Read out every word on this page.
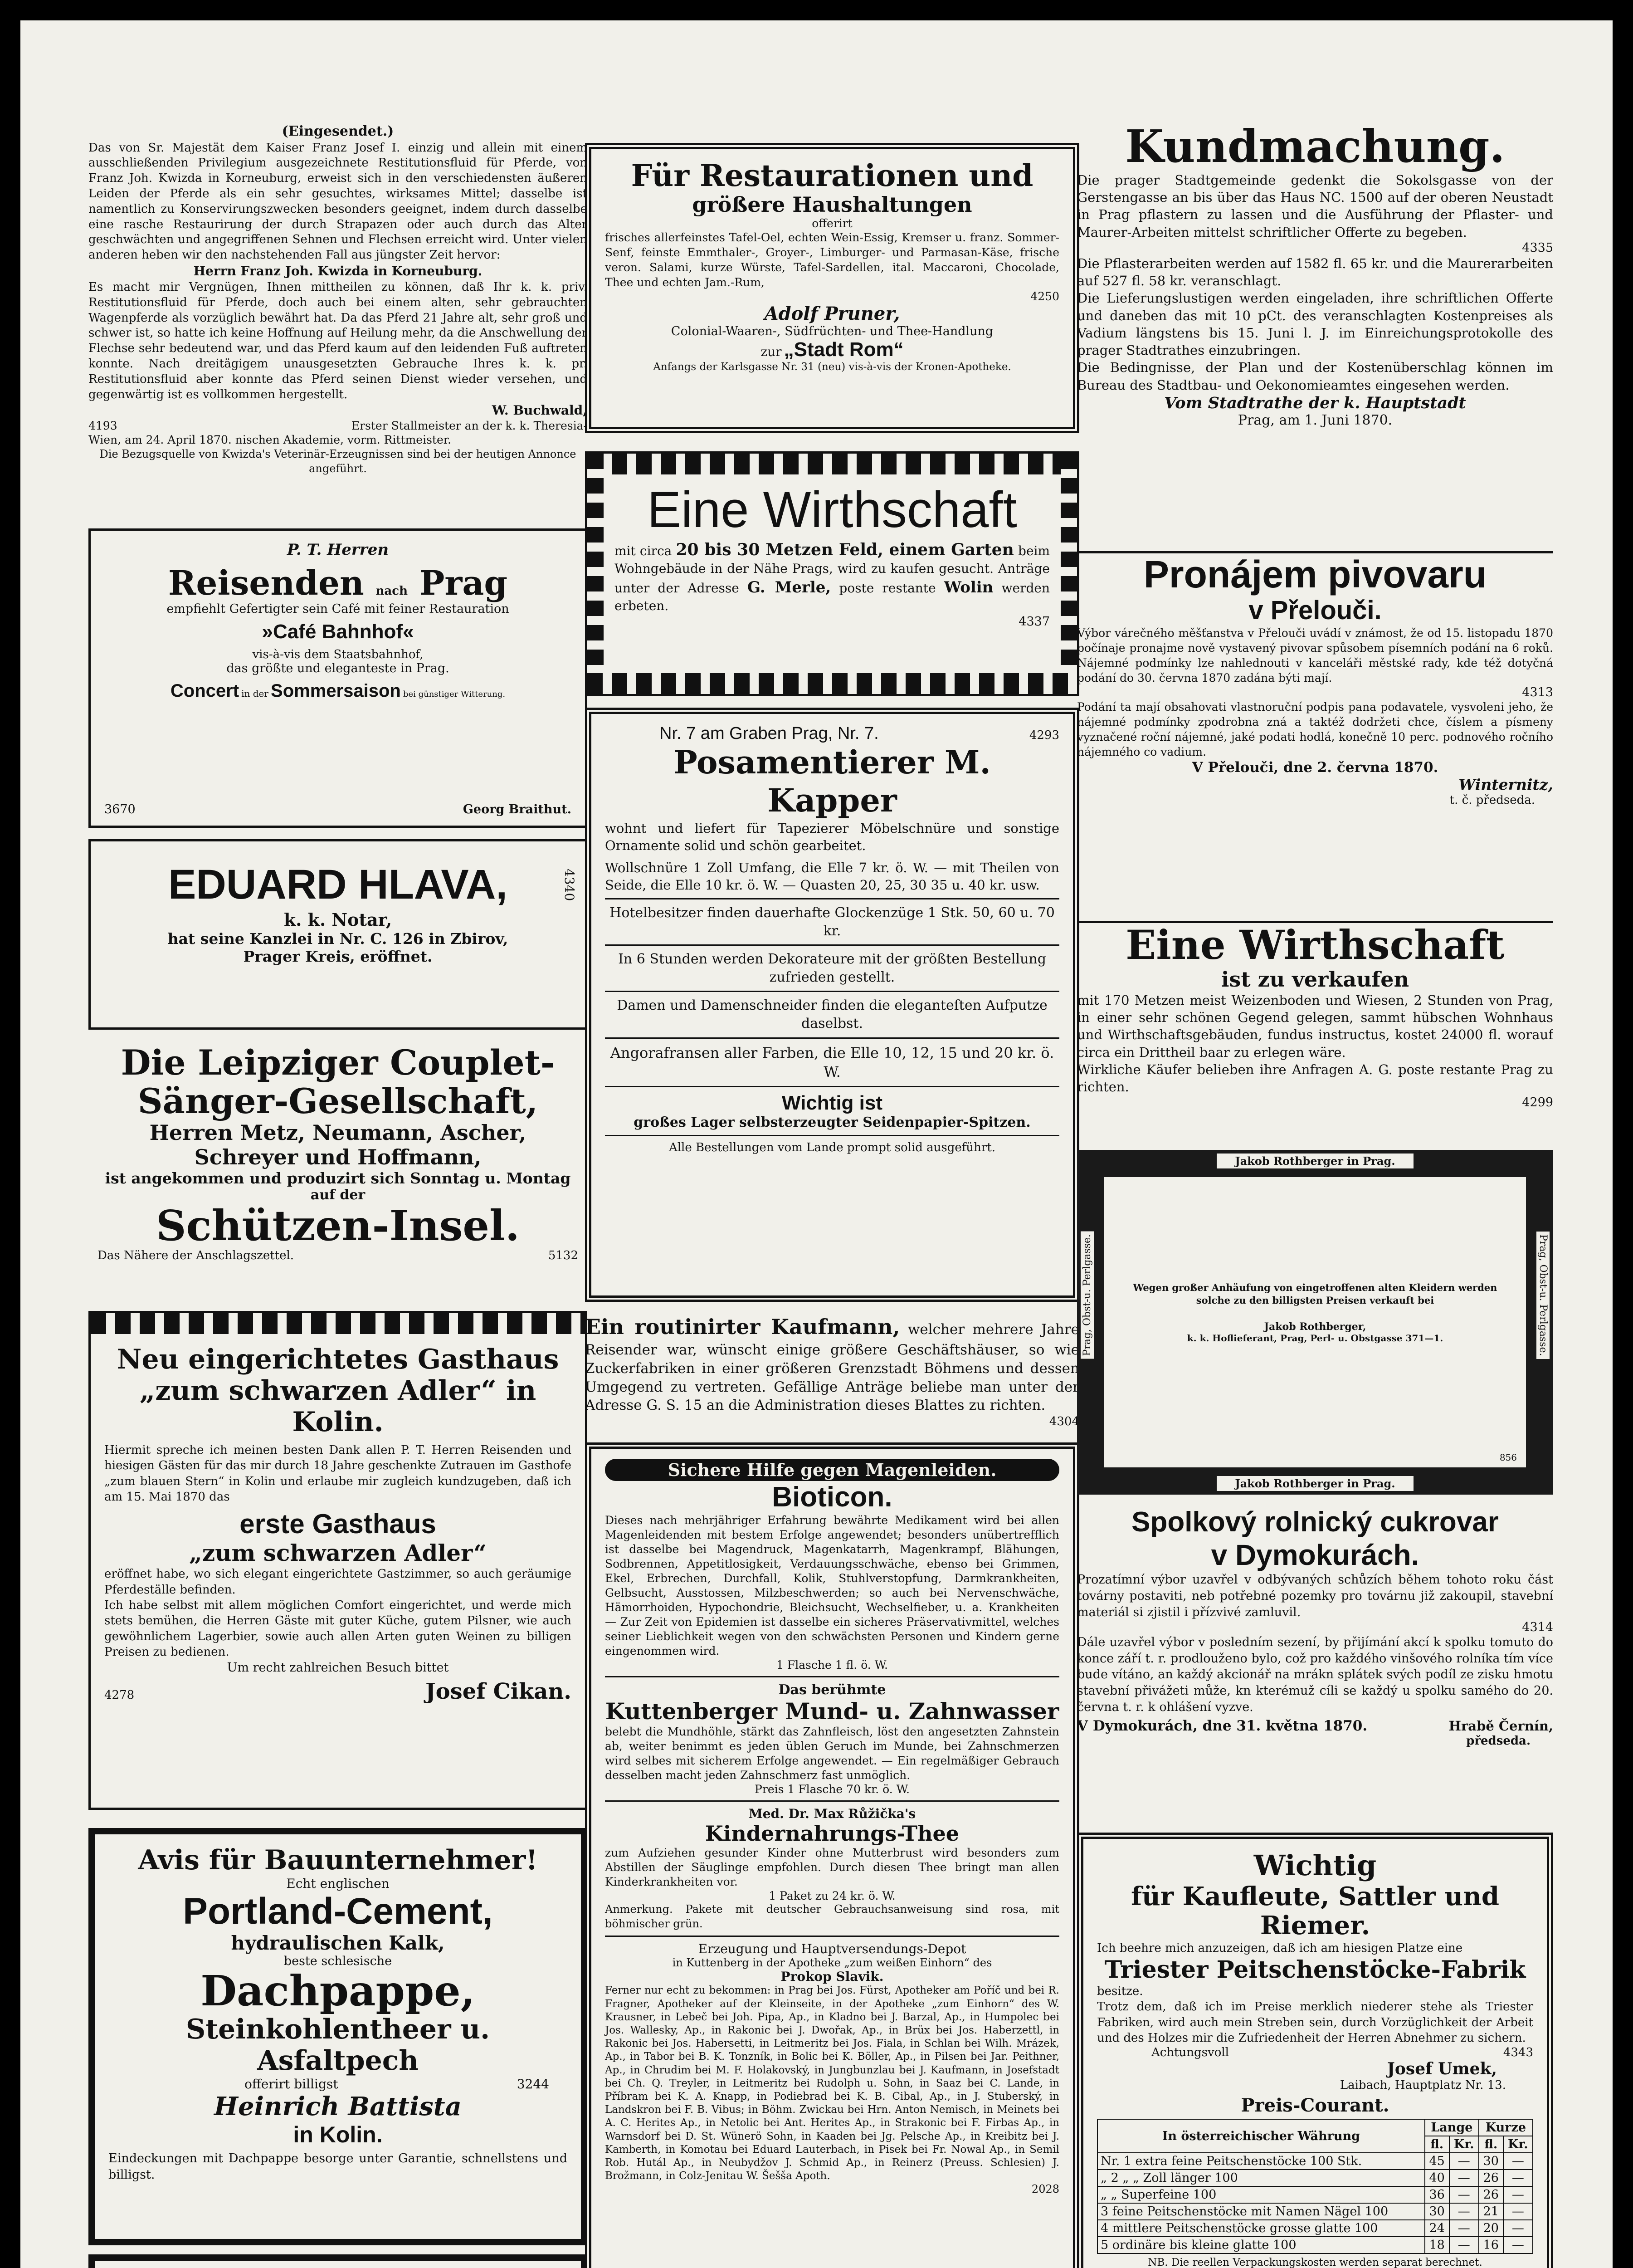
(Eingesendet.)

Das von Sr. Majestät dem Kaiser Franz Josef I. einzig und allein mit einem ausschließenden Privilegium ausgezeichnete Restitutionsfluid für Pferde, von Franz Joh. Kwizda in Korneuburg, erweist sich in den verschiedensten äußeren Leiden der Pferde als ein sehr gesuchtes, wirksames Mittel; dasselbe ist namentlich zu Konservirungszwecken besonders geeignet, indem durch dasselbe eine rasche Restaurirung der durch Strapazen oder auch durch das Alter geschwächten und angegriffenen Sehnen und Flechsen erreicht wird. Unter vielen anderen heben wir den nachstehenden Fall aus jüngster Zeit hervor:

Herrn Franz Joh. Kwizda in Korneuburg.

Es macht mir Vergnügen, Ihnen mittheilen zu können, daß Ihr k. k. priv. Restitutionsfluid für Pferde, doch auch bei einem alten, sehr gebrauchten Wagenpferde als vorzüglich bewährt hat. Da das Pferd 21 Jahre alt, sehr groß und schwer ist, so hatte ich keine Hoffnung auf Heilung mehr, da die Anschwellung der Flechse sehr bedeutend war, und das Pferd kaum auf den leidenden Fuß auftreten konnte. Nach dreitägigem unausgesetzten Gebrauche Ihres k. k. pr. Restitutionsfluid aber konnte das Pferd seinen Dienst wieder versehen, und gegenwärtig ist es vollkommen hergestellt.

W. Buchwald,

4193	Erster Stallmeister an der k. k. Theresia-

Wien, am 24. April 1870. nischen Akademie, vorm. Rittmeister.

Die Bezugsquelle von Kwizda's Veterinär-Erzeugnissen sind bei der heutigen Annonce angeführt.

P. T. Herren

Reisenden nach Prag

empfiehlt Gefertigter sein Café mit feiner Restauration

»Café Bahnhof«

vis-à-vis dem Staatsbahnhof,

das größte und eleganteste in Prag.

Concert in der Sommersaison bei günstiger Witterung.

3670	Georg Braithut.

EDUARD HLAVA,

k. k. Notar,

hat seine Kanzlei in Nr. C. 126 in Zbirov,

Prager Kreis, eröffnet.

4340

Die Leipziger Couplet-

Sänger-Gesellschaft,

Herren Metz, Neumann, Ascher,

Schreyer und Hoffmann,

ist angekommen und produzirt sich Sonntag u. Montag

auf der

Schützen-Insel.

Das Nähere der Anschlagszettel.	5132

Neu eingerichtetes Gasthaus

„zum schwarzen Adler“ in Kolin.

Hiermit spreche ich meinen besten Dank allen P. T. Herren Reisenden und hiesigen Gästen für das mir durch 18 Jahre geschenkte Zutrauen im Gasthofe „zum blauen Stern“ in Kolin und erlaube mir zugleich kundzugeben, daß ich am 15. Mai 1870 das

erste Gasthaus

„zum schwarzen Adler“

eröffnet habe, wo sich elegant eingerichtete Gastzimmer, so auch geräumige Pferdeställe befinden.

Ich habe selbst mit allem möglichen Comfort eingerichtet, und werde mich stets bemühen, die Herren Gäste mit guter Küche, gutem Pilsner, wie auch gewöhnlichem Lagerbier, sowie auch allen Arten guten Weinen zu billigen Preisen zu bedienen.

Um recht zahlreichen Besuch bittet

4278	Josef Cikan.

Avis für Bauunternehmer!

Echt englischen

Portland-Cement,

hydraulischen Kalk,

beste schlesische

Dachpappe,

Steinkohlentheer u. Asfaltpech

offerirt billigst	3244

Heinrich Battista

in Kolin.

Eindeckungen mit Dachpappe besorge unter Garantie, schnellstens und billigst.

Für Restaurationen und

größere Haushaltungen

offerirt

frisches allerfeinstes Tafel-Oel, echten Wein-Essig, Kremser u. franz. Sommer-Senf, feinste Emmthaler-, Groyer-, Limburger- und Parmasan-Käse, frische veron. Salami, kurze Würste, Tafel-Sardellen, ital. Maccaroni, Chocolade, Thee und echten Jam.-Rum,

4250

Adolf Pruner,

Colonial-Waaren-, Südfrüchten- und Thee-Handlung

zur „Stadt Rom“

Anfangs der Karlsgasse Nr. 31 (neu) vis-à-vis der Kronen-Apotheke.

Eine Wirthschaft

mit circa 20 bis 30 Metzen Feld, einem Garten beim Wohngebäude in der Nähe Prags, wird zu kaufen gesucht. Anträge unter der Adresse G. Merle, poste restante Wolin werden erbeten.

4337

Nr. 7 am Graben Prag, Nr. 7.	4293

Posamentierer M. Kapper

wohnt und liefert für Tapezierer Möbelschnüre und sonstige Ornamente solid und schön gearbeitet.

Wollschnüre 1 Zoll Umfang, die Elle 7 kr. ö. W. — mit Theilen von Seide, die Elle 10 kr. ö. W. — Quasten 20, 25, 30 35 u. 40 kr. usw.

Hotelbesitzer finden dauerhafte Glockenzüge 1 Stk. 50, 60 u. 70 kr.

In 6 Stunden werden Dekorateure mit der größten Bestellung zufrieden gestellt.

Damen und Damenschneider finden die eleganteſten Aufputze daselbst.

Angorafransen aller Farben, die Elle 10, 12, 15 und 20 kr. ö. W.

Wichtig ist

großes Lager selbsterzeugter Seidenpapier-Spitzen.

Alle Bestellungen vom Lande prompt solid ausgeführt.

Ein routinirter Kaufmann, welcher mehrere Jahre Reisender war, wünscht einige größere Geschäftshäuser, so wie Zuckerfabriken in einer größeren Grenzstadt Böhmens und dessen Umgegend zu vertreten. Gefällige Anträge beliebe man unter der Adresse G. S. 15 an die Administration dieses Blattes zu richten.

4304

Sichere Hilfe gegen Magenleiden.

Bioticon.

Dieses nach mehrjähriger Erfahrung bewährte Medikament wird bei allen Magenleidenden mit bestem Erfolge angewendet; besonders unübertrefflich ist dasselbe bei Magendruck, Magenkatarrh, Magenkrampf, Blähungen, Sodbrennen, Appetitlosigkeit, Verdauungsschwäche, ebenso bei Grimmen, Ekel, Erbrechen, Durchfall, Kolik, Stuhlverstopfung, Darmkrankheiten, Gelbsucht, Ausstossen, Milzbeschwerden; so auch bei Nervenschwäche, Hämorrhoiden, Hypochondrie, Bleichsucht, Wechselfieber, u. a. Krankheiten — Zur Zeit von Epidemien ist dasselbe ein sicheres Präservativmittel, welches seiner Lieblichkeit wegen von den schwächsten Personen und Kindern gerne eingenommen wird.

1 Flasche 1 fl. ö. W.

Das berühmte

Kuttenberger Mund- u. Zahnwasser

belebt die Mundhöhle, stärkt das Zahnfleisch, löst den angesetzten Zahnstein ab, weiter benimmt es jeden üblen Geruch im Munde, bei Zahnschmerzen wird selbes mit sicherem Erfolge angewendet. — Ein regelmäßiger Gebrauch desselben macht jeden Zahnschmerz fast unmöglich.

Preis 1 Flasche 70 kr. ö. W.

Med. Dr. Max Růžička's

Kindernahrungs-Thee

zum Aufziehen gesunder Kinder ohne Mutterbrust wird besonders zum Abstillen der Säuglinge empfohlen. Durch diesen Thee bringt man allen Kinderkrankheiten vor.

1 Paket zu 24 kr. ö. W.

Anmerkung. Pakete mit deutscher Gebrauchsanweisung sind rosa, mit böhmischer grün.

Erzeugung und Hauptversendungs-Depot

in Kuttenberg in der Apotheke „zum weißen Einhorn“ des

Prokop Slavik.

Ferner nur echt zu bekommen: in Prag bei Jos. Fürst, Apotheker am Poříč und bei R. Fragner, Apotheker auf der Kleinseite, in der Apotheke „zum Einhorn“ des W. Krausner, in Lebeč bei Joh. Pipa, Ap., in Kladno bei J. Barzal, Ap., in Humpolec bei Jos. Wallesky, Ap., in Rakonic bei J. Dwořak, Ap., in Brüx bei Jos. Haberzettl, in Rakonic bei Jos. Habersetti, in Leitmeritz bei Jos. Fiala, in Schlan bei Wilh. Mrázek, Ap., in Tabor bei B. K. Tonzník, in Bolic bei K. Böller, Ap., in Pilsen bei Jar. Peithner, Ap., in Chrudim bei M. F. Holakovský, in Jungbunzlau bei J. Kaufmann, in Josefstadt bei Ch. Q. Treyler, in Leitmeritz bei Rudolph u. Sohn, in Saaz bei C. Lande, in Příbram bei K. A. Knapp, in Podiebrad bei K. B. Cibal, Ap., in J. Stuberský, in Landskron bei F. B. Vibus; in Böhm. Zwickau bei Hrn. Anton Nemisch, in Meinets bei A. C. Herites Ap., in Netolic bei Ant. Herites Ap., in Strakonic bei F. Firbas Ap., in Warnsdorf bei D. St. Wünerö Sohn, in Kaaden bei Jg. Pelsche Ap., in Kreibitz bei J. Kamberth, in Komotau bei Eduard Lauterbach, in Pisek bei Fr. Nowal Ap., in Semil Rob. Hutál Ap., in Neubydžov J. Schmid Ap., in Reinerz (Preuss. Schlesien) J. Brožmann, in Colz-Jenitau W. Šešša Apoth.

2028

Kundmachung.

Die prager Stadtgemeinde gedenkt die Sokolsgasse von der Gerstengasse an bis über das Haus NC. 1500 auf der oberen Neustadt in Prag pflastern zu lassen und die Ausführung der Pflaster- und Maurer-Arbeiten mittelst schriftlicher Offerte zu begeben.

4335

Die Pflasterarbeiten werden auf 1582 fl. 65 kr. und die Maurerarbeiten auf 527 fl. 58 kr. veranschlagt.

Die Lieferungslustigen werden eingeladen, ihre schriftlichen Offerte und daneben das mit 10 pCt. des veranschlagten Kostenpreises als Vadium längstens bis 15. Juni l. J. im Einreichungsprotokolle des prager Stadtrathes einzubringen.

Die Bedingnisse, der Plan und der Kostenüberschlag können im Bureau des Stadtbau- und Oekonomieamtes eingesehen werden.

Vom Stadtrathe der k. Hauptstadt

Prag, am 1. Juni 1870.

Pronájem pivovaru

v Přelouči.

Výbor várečného měšťanstva v Přelouči uvádí v známost, že od 15. listopadu 1870 počínaje pronajme nově vystavený pivovar spůsobem písemních podání na 6 roků. Nájemné podmínky lze nahlednouti v kanceláři městské rady, kde též dotyčná podání do 30. června 1870 zadána býti mají.

4313

Podání ta mají obsahovati vlastnoruční podpis pana podavatele, vysvoleni jeho, že nájemné podmínky zpodrobna zná a taktéž dodržeti chce, číslem a písmeny vyznačené roční nájemné, jaké podati hodlá, konečně 10 perc. podnového ročního nájemného co vadium.

V Přelouči, dne 2. června 1870.

Winternitz,

t. č. předseda.

Eine Wirthschaft

ist zu verkaufen

mit 170 Metzen meist Weizenboden und Wiesen, 2 Stunden von Prag, in einer sehr schönen Gegend gelegen, sammt hübschen Wohnhaus und Wirthschaftsgebäuden, fundus instructus, kostet 24000 fl. worauf circa ein Drittheil baar zu erlegen wäre.

Wirkliche Käufer belieben ihre Anfragen A. G. poste restante Prag zu richten.

4299

Jakob Rothberger in Prag.
Prag, Obst-u. Perlgasse.	Prag, Obst-u. Perlgasse.

Wegen großer Anhäufung von eingetroffenen alten Kleidern werden solche zu den billigsten Preisen verkauft bei

Jakob Rothberger,

k. k. Hoflieferant, Prag, Perl- u. Obstgasse 371—1.

856

Jakob Rothberger in Prag.

Spolkový rolnický cukrovar

v Dymokurách.

Prozatímní výbor uzavřel v odbývaných schůzích během tohoto roku část továrny postaviti, neb potřebné pozemky pro továrnu již zakoupil, stavební materiál si zjistil i přízvivé zamluvil.

4314

Dále uzavřel výbor v posledním sezení, by přijímání akcí k spolku tomuto do konce září t. r. prodlouženo bylo, což pro každého vinšového rolníka tím více bude vítáno, an každý akcionář na mrákn splátek svých podíl ze zisku hmotu stavební přivážeti může, kn kterémuž cíli se každý u spolku samého do 20. června t. r. k ohlášení vyzve.

V Dymokurách, dne 31. května 1870.	Hrabě Černín,

předseda.

Wichtig

für Kaufleute, Sattler und Riemer.

Ich beehre mich anzuzeigen, daß ich am hiesigen Platze eine

Triester Peitschenstöcke-Fabrik

besitze.

Trotz dem, daß ich im Preise merklich niederer stehe als Triester Fabriken, wird auch mein Streben sein, durch Vorzüglichkeit der Arbeit und des Holzes mir die Zufriedenheit der Herren Abnehmer zu sichern.

Achtungsvoll	4343

Josef Umek,

Laibach, Hauptplatz Nr. 13.

Preis-Courant.

In österreichischer Währung	Lange		Kurze	
	fl.	Kr.	fl.	Kr.
Nr. 1 extra feine Peitschenstöcke 100 Stk.	45	—	30	—
„ 2 „ „ Zoll länger 100	40	—	26	—
„ „ Superfeine 100	36	—	26	—
3 feine Peitschenstöcke mit Namen Nägel 100	30	—	21	—
4 mittlere Peitschenstöcke grosse glatte 100	24	—	20	—
5 ordinäre bis kleine glatte 100	18	—	16	—

NB. Die reellen Verpackungskosten werden separat berechnet.
